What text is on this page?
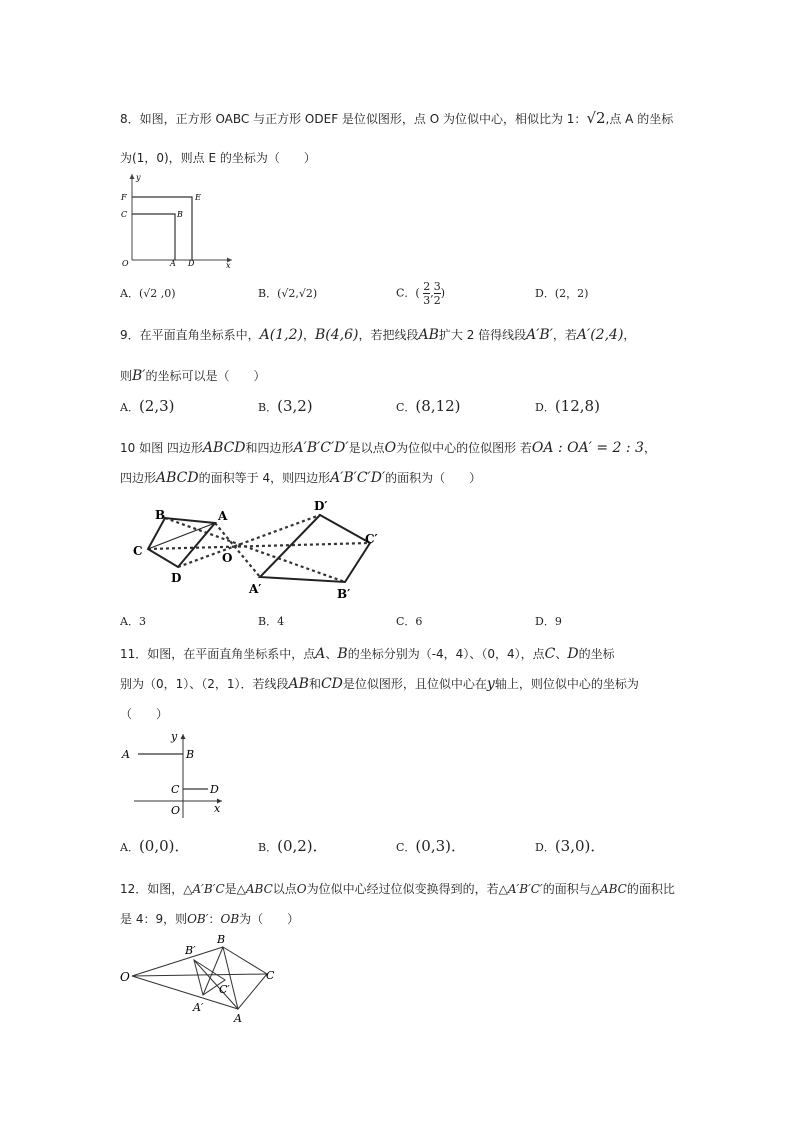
8．如图，正方形 OABC 与正方形 ODEF 是位似图形，点 O 为位似中心，相似比为 1：√2,点 A 的坐标
为(1，0)，则点 E 的坐标为（　　）
y
x
F	E
C	B
O	A D
A．(√2 ,0)	B．(√2,√2)	C．( $\frac{2}{3}$ , $\frac{3}{2}$ )	D．(2，2)
9．在平面直角坐标系中，A(1,2)，B(4,6)，若把线段AB扩大 2 倍得线段A′B′，若A′(2,4)，
则B′的坐标可以是（　　）
A．(2,3)	B．(3,2)	C．(8,12)	D．(12,8)
10 如图 四边形ABCD和四边形A′B′C′D′是以点O为位似中心的位似图形 若OA : OA′ = 2 : 3，
四边形ABCD的面积等于 4，则四边形A′B′C′D′的面积为（　　）
B	A
C
D
O
D′
C′
A′	B′
A．3	B．4	C．6	D．9
11．如图，在平面直角坐标系中，点A、B的坐标分别为（-4，4）、（0，4），点C、D的坐标
别为（0，1）、（2，1）．若线段AB和CD是位似图形，且位似中心在y轴上，则位似中心的坐标为
（　　）
y
A	B
C	D
O	x
A．(0,0)．	B．(0,2)．	C．(0,3)．	D．(3,0)．
12．如图，△A′B′C是△ABC以点O为位似中心经过位似变换得到的，若△A′B′C′的面积与△ABC的面积比
是 4：9，则OB′：OB为（　　）
O
B′
B
C
C′
A′
A
